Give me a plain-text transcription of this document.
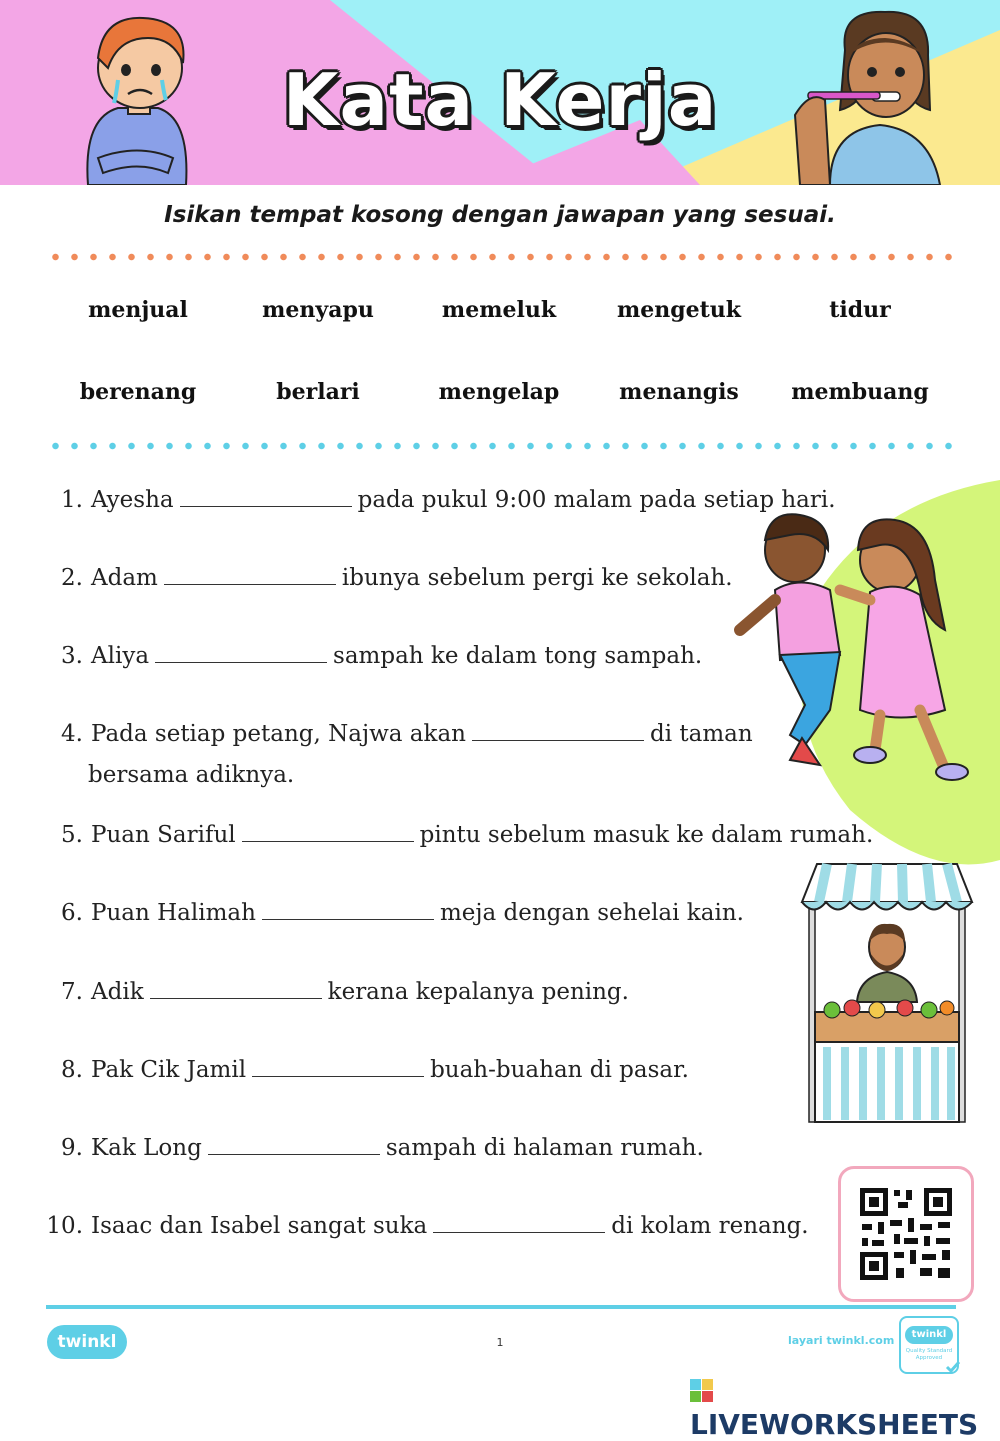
Kata Kerja
Isikan tempat kosong dengan jawapan yang sesuai.
menjual	menyapu	memeluk	mengetuk	tidur
berenang	berlari	mengelap	menangis	membuang
1. Ayesha	pada pukul 9:00 malam pada setiap hari.
2. Adam	ibunya sebelum pergi ke sekolah.
3. Aliya	sampah ke dalam tong sampah.
4. Pada setiap petang, Najwa akan	di taman
bersama adiknya.
5. Puan Sariful	pintu sebelum masuk ke dalam rumah.
6. Puan Halimah	meja dengan sehelai kain.
7. Adik	kerana kepalanya pening.
8. Pak Cik Jamil	buah-buahan di pasar.
9. Kak Long	sampah di halaman rumah.
10. Isaac dan Isabel sangat suka	di kolam renang.
twinkl	1	layari twinkl.com	twinkl
Quality Standard Approved
LIVEWORKSHEETS
